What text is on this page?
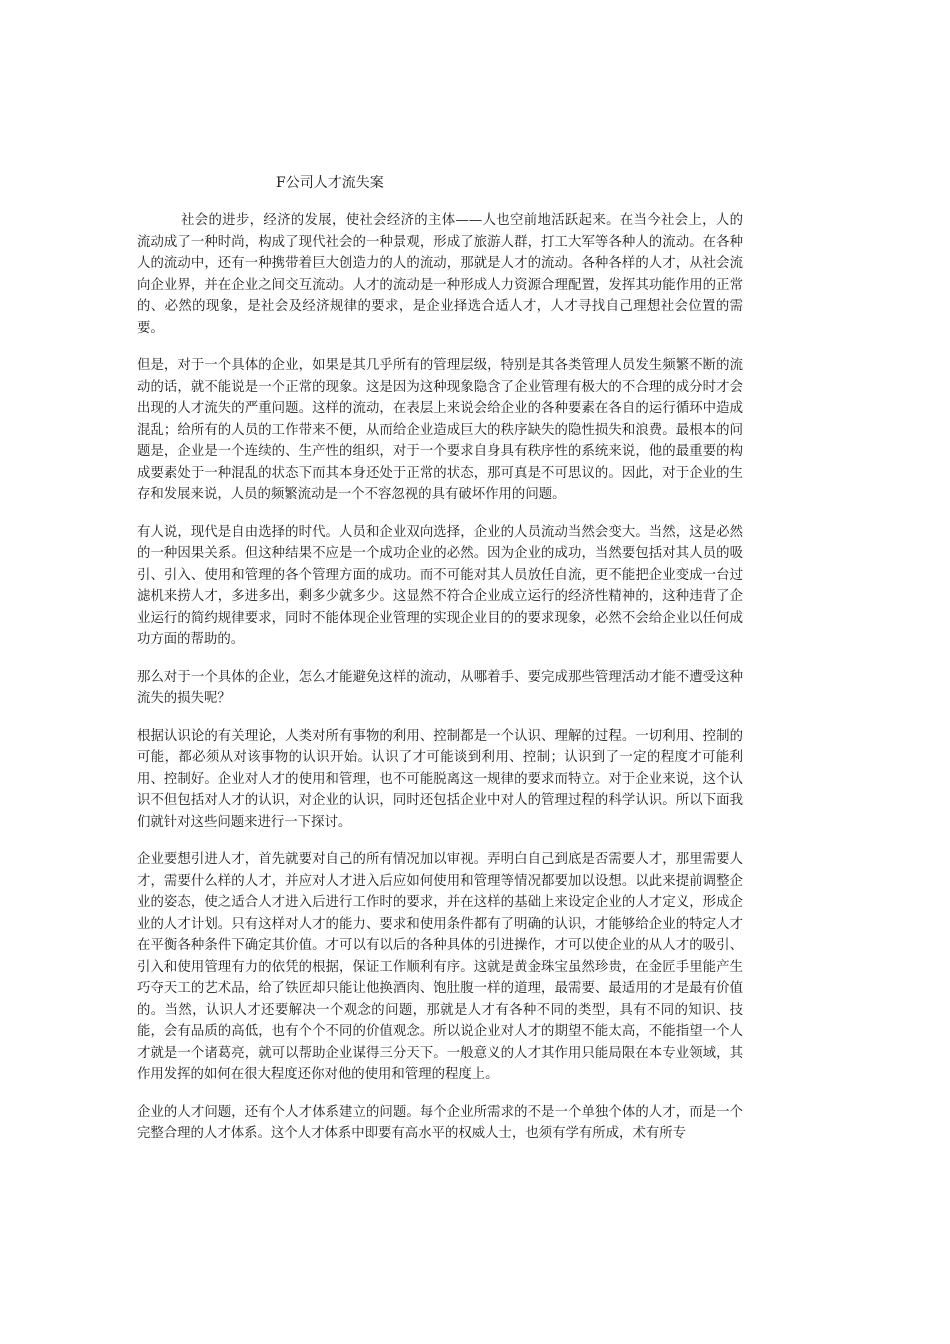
F公司人才流失案

社会的进步，经济的发展，使社会经济的主体——人也空前地活跃起来。在当今社会上，人的流动成了一种时尚，构成了现代社会的一种景观，形成了旅游人群，打工大军等各种人的流动。在各种人的流动中，还有一种携带着巨大创造力的人的流动，那就是人才的流动。各种各样的人才，从社会流向企业界，并在企业之间交互流动。人才的流动是一种形成人力资源合理配置，发挥其功能作用的正常的、必然的现象，是社会及经济规律的要求，是企业择选合适人才，人才寻找自己理想社会位置的需要。

但是，对于一个具体的企业，如果是其几乎所有的管理层级，特别是其各类管理人员发生频繁不断的流动的话，就不能说是一个正常的现象。这是因为这种现象隐含了企业管理有极大的不合理的成分时才会出现的人才流失的严重问题。这样的流动，在表层上来说会给企业的各种要素在各自的运行循环中造成混乱；给所有的人员的工作带来不便，从而给企业造成巨大的秩序缺失的隐性损失和浪费。最根本的问题是，企业是一个连续的、生产性的组织，对于一个要求自身具有秩序性的系统来说，他的最重要的构成要素处于一种混乱的状态下而其本身还处于正常的状态，那可真是不可思议的。因此，对于企业的生存和发展来说，人员的频繁流动是一个不容忽视的具有破坏作用的问题。

有人说，现代是自由选择的时代。人员和企业双向选择，企业的人员流动当然会变大。当然，这是必然的一种因果关系。但这种结果不应是一个成功企业的必然。因为企业的成功，当然要包括对其人员的吸引、引入、使用和管理的各个管理方面的成功。而不可能对其人员放任自流，更不能把企业变成一台过滤机来捞人才，多进多出，剩多少就多少。这显然不符合企业成立运行的经济性精神的，这种违背了企业运行的简约规律要求，同时不能体现企业管理的实现企业目的的要求现象，必然不会给企业以任何成功方面的帮助的。

那么对于一个具体的企业，怎么才能避免这样的流动，从哪着手、要完成那些管理活动才能不遭受这种流失的损失呢？

根据认识论的有关理论，人类对所有事物的利用、控制都是一个认识、理解的过程。一切利用、控制的可能，都必须从对该事物的认识开始。认识了才可能谈到利用、控制；认识到了一定的程度才可能利用、控制好。企业对人才的使用和管理，也不可能脱离这一规律的要求而特立。对于企业来说，这个认识不但包括对人才的认识，对企业的认识，同时还包括企业中对人的管理过程的科学认识。所以下面我们就针对这些问题来进行一下探讨。

企业要想引进人才，首先就要对自己的所有情况加以审视。弄明白自己到底是否需要人才，那里需要人才，需要什么样的人才，并应对人才进入后应如何使用和管理等情况都要加以设想。以此来提前调整企业的姿态，使之适合人才进入后进行工作时的要求，并在这样的基础上来设定企业的人才定义，形成企业的人才计划。只有这样对人才的能力、要求和使用条件都有了明确的认识，才能够给企业的特定人才在平衡各种条件下确定其价值。才可以有以后的各种具体的引进操作，才可以使企业的从人才的吸引、引入和使用管理有力的依凭的根据，保证工作顺利有序。这就是黄金珠宝虽然珍贵，在金匠手里能产生巧夺天工的艺术品，给了铁匠却只能让他换酒肉、饱肚腹一样的道理，最需要、最适用的才是最有价值的。当然，认识人才还要解决一个观念的问题，那就是人才有各种不同的类型，具有不同的知识、技能，会有品质的高低，也有个个不同的价值观念。所以说企业对人才的期望不能太高，不能指望一个人才就是一个诸葛亮，就可以帮助企业谋得三分天下。一般意义的人才其作用只能局限在本专业领域，其作用发挥的如何在很大程度还你对他的使用和管理的程度上。

企业的人才问题，还有个人才体系建立的问题。每个企业所需求的不是一个单独个体的人才，而是一个完整合理的人才体系。这个人才体系中即要有高水平的权威人士，也须有学有所成，术有所专
